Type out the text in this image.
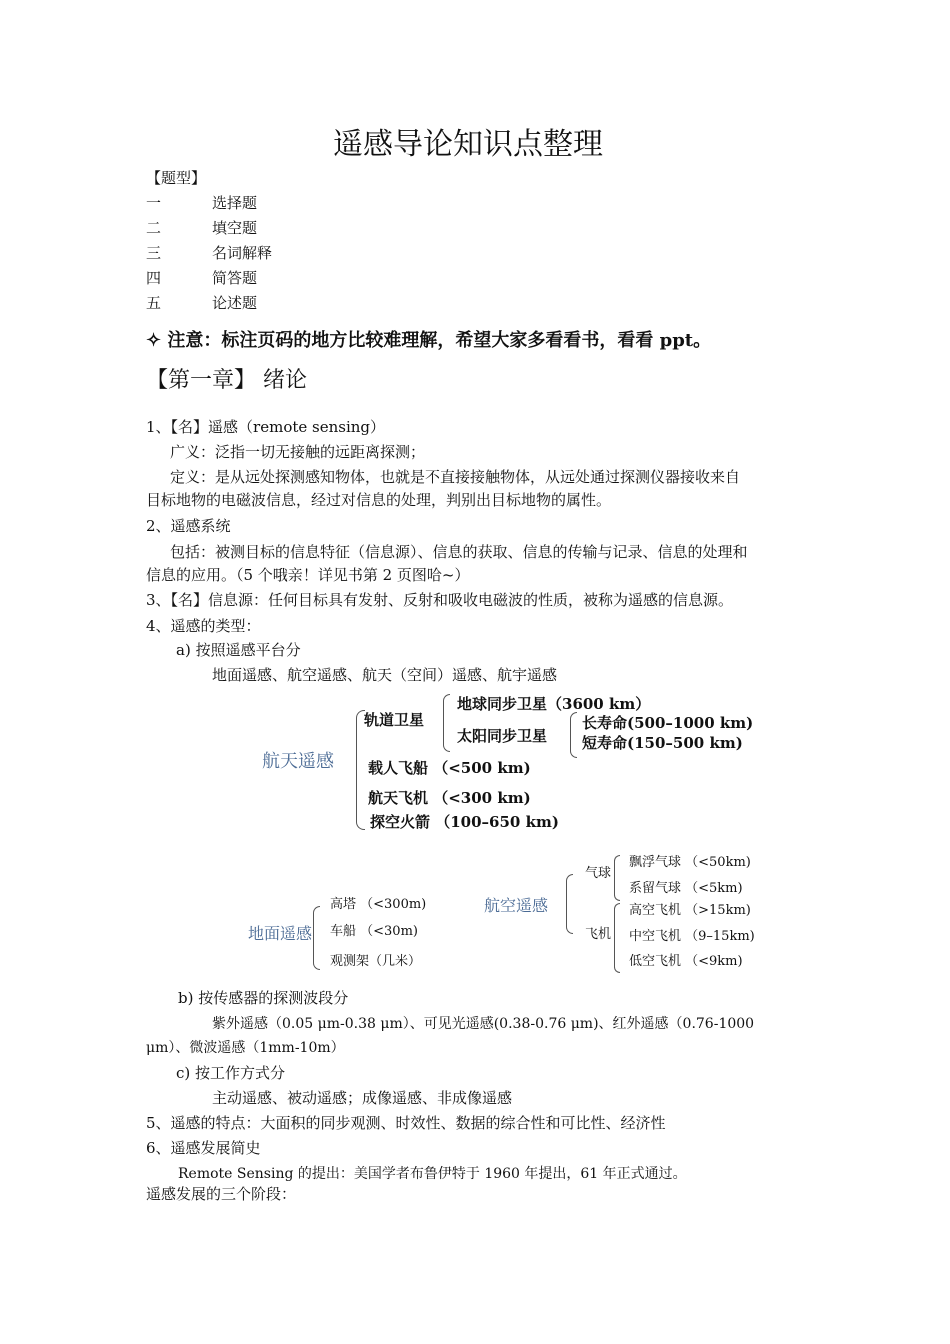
遥感导论知识点整理
【题型】
一	选择题
二	填空题
三	名词解释
四	简答题
五	论述题
✧ 注意：标注页码的地方比较难理解，希望大家多看看书，看看 ppt。
【第一章】 绪论
1、【名】遥感（remote sensing）
广义：泛指一切无接触的远距离探测；
定义：是从远处探测感知物体，也就是不直接接触物体，从远处通过探测仪器接收来自
目标地物的电磁波信息，经过对信息的处理，判别出目标地物的属性。
2、遥感系统
包括：被测目标的信息特征（信息源）、信息的获取、信息的传输与记录、信息的处理和
信息的应用。（5 个哦亲！详见书第 2 页图哈~）
3、【名】信息源：任何目标具有发射、反射和吸收电磁波的性质，被称为遥感的信息源。
4、遥感的类型：
a) 按照遥感平台分
地面遥感、航空遥感、航天（空间）遥感、航宇遥感
航天遥感
轨道卫星
地球同步卫星（3600 km）
太阳同步卫星
长寿命(500–1000 km)
短寿命(150–500 km)
载人飞船 （<500 km)
航天飞机 （<300 km)
探空火箭 （100–650 km)
地面遥感
高塔 （<300m)
车船 （<30m)
观测架（几米）
航空遥感
气球
飞机
飘浮气球 （<50km)
系留气球 （<5km)
高空飞机 （>15km)
中空飞机 （9–15km)
低空飞机 （<9km)
b) 按传感器的探测波段分
紫外遥感（0.05 μm-0.38 μm）、可见光遥感(0.38-0.76 μm)、红外遥感（0.76-1000
μm）、微波遥感（1mm-10m）
c) 按工作方式分
主动遥感、被动遥感；成像遥感、非成像遥感
5、遥感的特点：大面积的同步观测、时效性、数据的综合性和可比性、经济性
6、遥感发展简史
Remote Sensing 的提出：美国学者布鲁伊特于 1960 年提出，61 年正式通过。
遥感发展的三个阶段：
